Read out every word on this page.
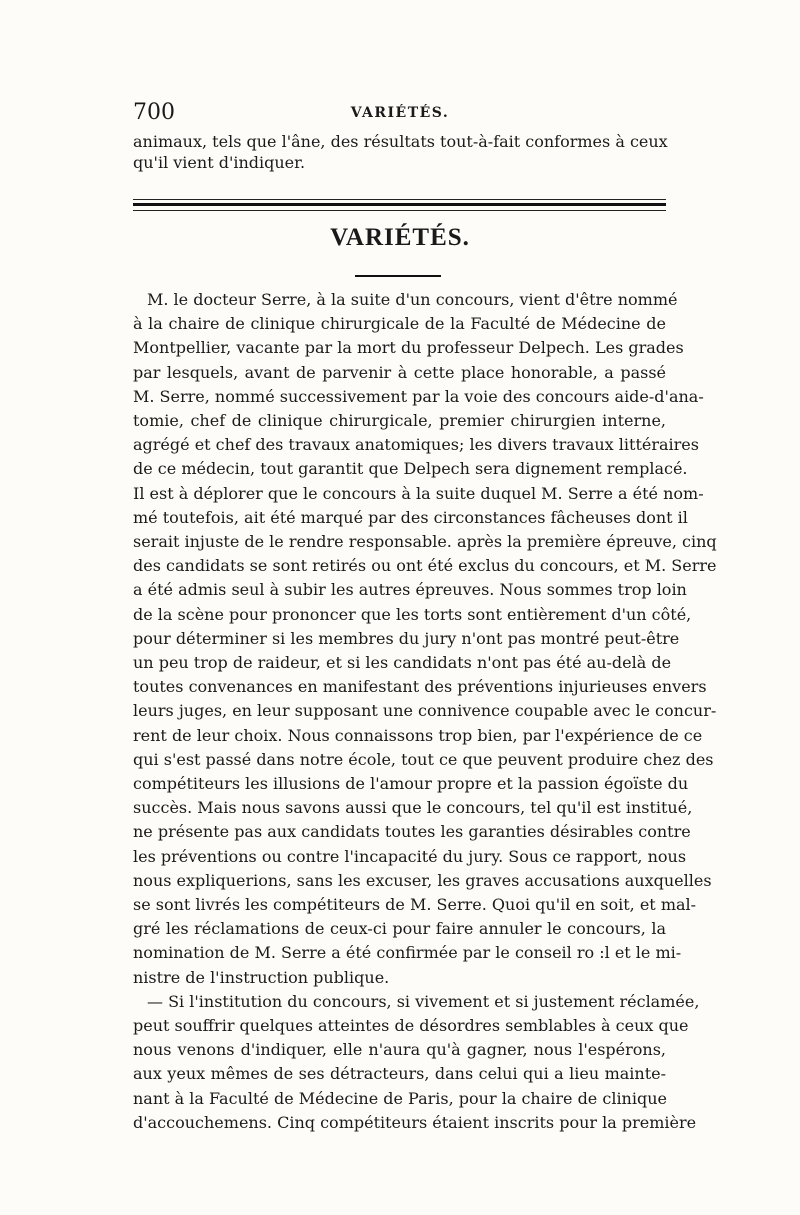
700	VARIÉTÉS.
animaux, tels que l'âne, des résultats tout-à-fait conformes à ceux
qu'il vient d'indiquer.
VARIÉTÉS.
M. le docteur Serre, à la suite d'un concours, vient d'être nommé
à la chaire de clinique chirurgicale de la Faculté de Médecine de
Montpellier, vacante par la mort du professeur Delpech. Les grades
par lesquels, avant de parvenir à cette place honorable, a passé
M. Serre, nommé successivement par la voie des concours aide-d'ana-
tomie, chef de clinique chirurgicale, premier chirurgien interne,
agrégé et chef des travaux anatomiques; les divers travaux littéraires
de ce médecin, tout garantit que Delpech sera dignement remplacé.
Il est à déplorer que le concours à la suite duquel M. Serre a été nom-
mé toutefois, ait été marqué par des circonstances fâcheuses dont il
serait injuste de le rendre responsable. après la première épreuve, cinq
des candidats se sont retirés ou ont été exclus du concours, et M. Serre
a été admis seul à subir les autres épreuves. Nous sommes trop loin
de la scène pour prononcer que les torts sont entièrement d'un côté,
pour déterminer si les membres du jury n'ont pas montré peut-être
un peu trop de raideur, et si les candidats n'ont pas été au-delà de
toutes convenances en manifestant des préventions injurieuses envers
leurs juges, en leur supposant une connivence coupable avec le concur-
rent de leur choix. Nous connaissons trop bien, par l'expérience de ce
qui s'est passé dans notre école, tout ce que peuvent produire chez des
compétiteurs les illusions de l'amour propre et la passion égoïste du
succès. Mais nous savons aussi que le concours, tel qu'il est institué,
ne présente pas aux candidats toutes les garanties désirables contre
les préventions ou contre l'incapacité du jury. Sous ce rapport, nous
nous expliquerions, sans les excuser, les graves accusations auxquelles
se sont livrés les compétiteurs de M. Serre. Quoi qu'il en soit, et mal-
gré les réclamations de ceux-ci pour faire annuler le concours, la
nomination de M. Serre a été confirmée par le conseil ro :l et le mi-
nistre de l'instruction publique.
— Si l'institution du concours, si vivement et si justement réclamée,
peut souffrir quelques atteintes de désordres semblables à ceux que
nous venons d'indiquer, elle n'aura qu'à gagner, nous l'espérons,
aux yeux mêmes de ses détracteurs, dans celui qui a lieu mainte-
nant à la Faculté de Médecine de Paris, pour la chaire de clinique
d'accouchemens. Cinq compétiteurs étaient inscrits pour la première
